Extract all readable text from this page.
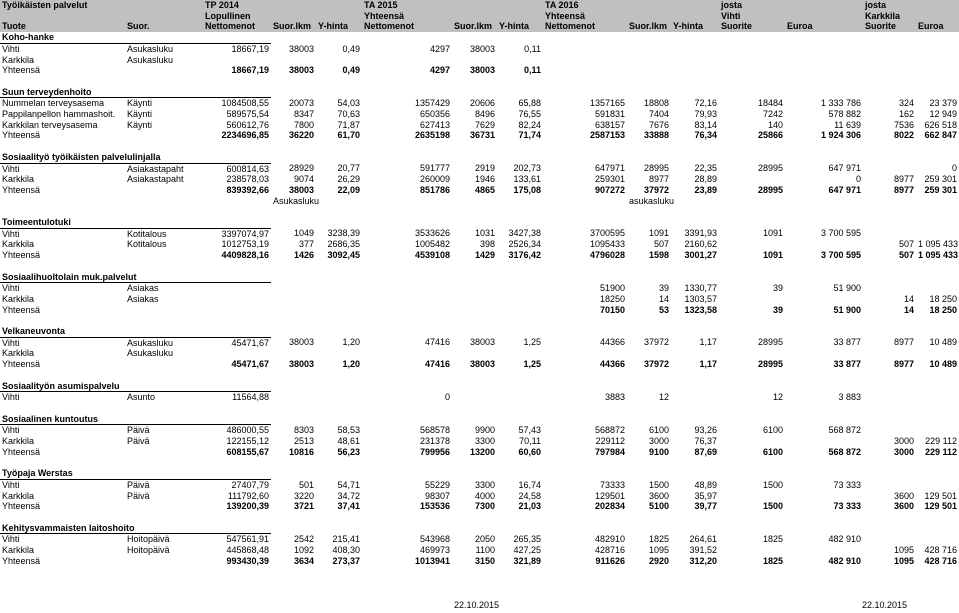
Työikäisten palvelut		TP 2014			TA 2015			TA 2016			josta		josta	
		Lopullinen			Yhteensä			Yhteensä			Vihti		Karkkila	
Tuote	Suor.	Nettomenot	Suor.lkm	Y-hinta	Nettomenot	Suor.lkm	Y-hinta	Nettomenot	Suor.lkm	Y-hinta	Suorite	Euroa	Suorite	Euroa
Koho-hanke														
Vihti	Asukasluku	18667,19	38003	0,49	4297	38003	0,11							
Karkkila	Asukasluku													
Yhteensä		18667,19	38003	0,49	4297	38003	0,11							

Suun terveydenhoito														
Nummelan terveysasema	Käynti	1084508,55	20073	54,03	1357429	20606	65,88	1357165	18808	72,16	18484	1 333 786	324	23 379
Pappilanpellon hammashoit.	Käynti	589575,54	8347	70,63	650356	8496	76,55	591831	7404	79,93	7242	578 882	162	12 949
Karkkilan terveysasema	Käynti	560612,76	7800	71,87	627413	7629	82,24	638157	7676	83,14	140	11 639	7536	626 518
Yhteensä		2234696,85	36220	61,70	2635198	36731	71,74	2587153	33888	76,34	25866	1 924 306	8022	662 847

Sosiaalityö työikäisten palvelulinjalla														
Vihti	Asiakastapaht	600814,63	28929	20,77	591777	2919	202,73	647971	28995	22,35	28995	647 971		0
Karkkila	Asiakastapaht	238578,03	9074	26,29	260009	1946	133,61	259301	8977	28,89		0	8977	259 301
Yhteensä		839392,66	38003	22,09	851786	4865	175,08	907272	37972	23,89	28995	647 971	8977	259 301
			Asukasluku						asukasluku					

Toimeentulotuki														
Vihti	Kotitalous	3397074,97	1049	3238,39	3533626	1031	3427,38	3700595	1091	3391,93	1091	3 700 595		
Karkkila	Kotitalous	1012753,19	377	2686,35	1005482	398	2526,34	1095433	507	2160,62			507	1 095 433
Yhteensä		4409828,16	1426	3092,45	4539108	1429	3176,42	4796028	1598	3001,27	1091	3 700 595	507	1 095 433

Sosiaalihuoltolain muk.palvelut														
Vihti	Asiakas							51900	39	1330,77	39	51 900		
Karkkila	Asiakas							18250	14	1303,57			14	18 250
Yhteensä								70150	53	1323,58	39	51 900	14	18 250

Velkaneuvonta														
Vihti	Asukasluku	45471,67	38003	1,20	47416	38003	1,25	44366	37972	1,17	28995	33 877	8977	10 489
Karkkila	Asukasluku													
Yhteensä		45471,67	38003	1,20	47416	38003	1,25	44366	37972	1,17	28995	33 877	8977	10 489

Sosiaalityön asumispalvelu														
Vihti	Asunto	11564,88			0			3883	12		12	3 883		

Sosiaalinen kuntoutus														
Vihti	Päivä	486000,55	8303	58,53	568578	9900	57,43	568872	6100	93,26	6100	568 872		
Karkkila	Päivä	122155,12	2513	48,61	231378	3300	70,11	229112	3000	76,37			3000	229 112
Yhteensä		608155,67	10816	56,23	799956	13200	60,60	797984	9100	87,69	6100	568 872	3000	229 112

Työpaja Werstas														
Vihti	Päivä	27407,79	501	54,71	55229	3300	16,74	73333	1500	48,89	1500	73 333		
Karkkila	Päivä	111792,60	3220	34,72	98307	4000	24,58	129501	3600	35,97			3600	129 501
Yhteensä		139200,39	3721	37,41	153536	7300	21,03	202834	5100	39,77	1500	73 333	3600	129 501

Kehitysvammaisten laitoshoito														
Vihti	Hoitopäivä	547561,91	2542	215,41	543968	2050	265,35	482910	1825	264,61	1825	482 910		
Karkkila	Hoitopäivä	445868,48	1092	408,30	469973	1100	427,25	428716	1095	391,52			1095	428 716
Yhteensä		993430,39	3634	273,37	1013941	3150	321,89	911626	2920	312,20	1825	482 910	1095	428 716

22.10.2015	22.10.2015
